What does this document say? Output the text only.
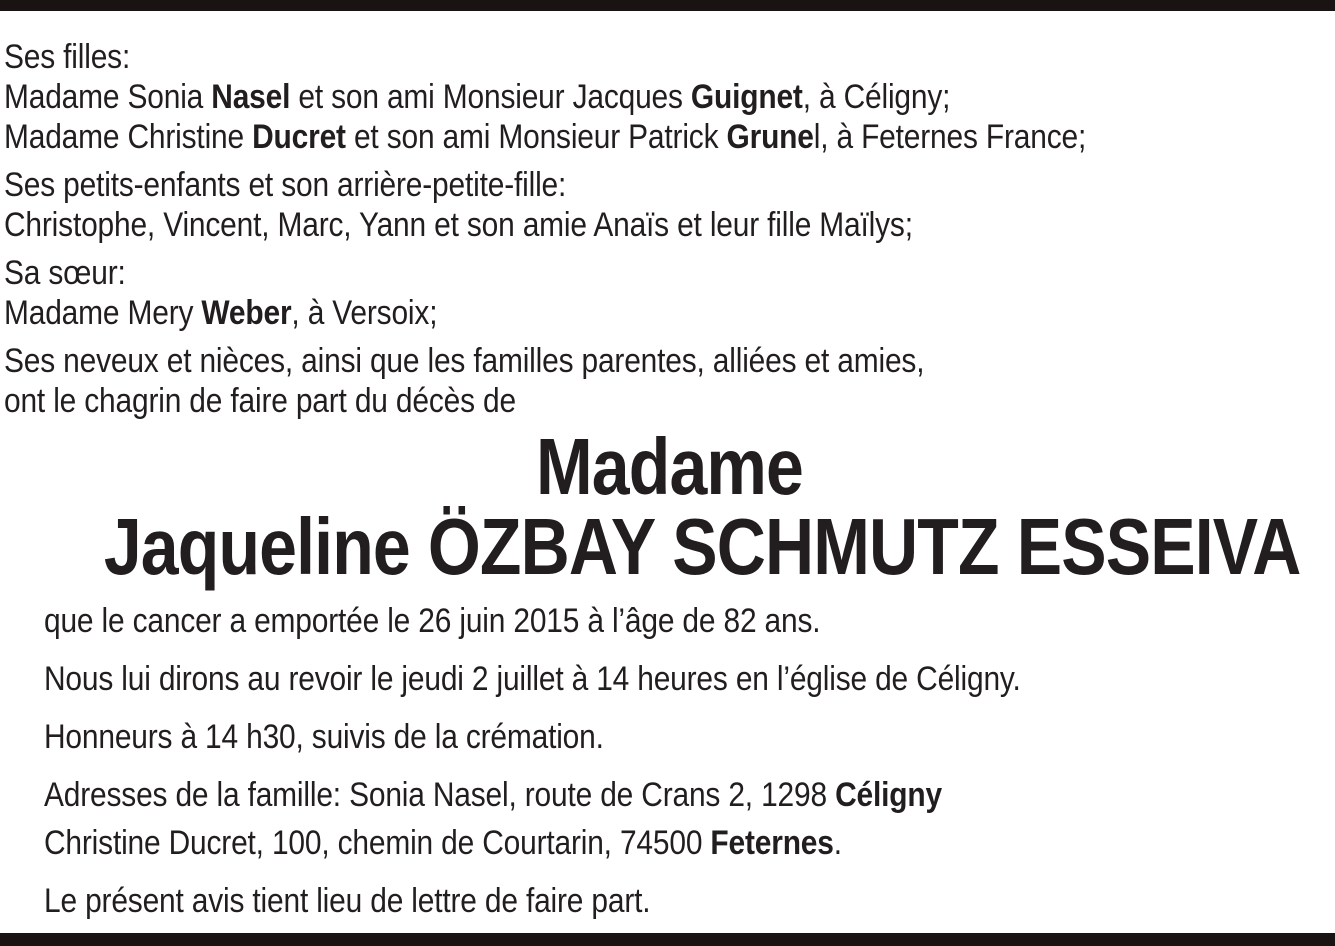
Ses filles:
Madame Sonia Nasel et son ami Monsieur Jacques Guignet, à Céligny;
Madame Christine Ducret et son ami Monsieur Patrick Grunel, à Feternes France;
Ses petits-enfants et son arrière-petite-fille:
Christophe, Vincent, Marc, Yann et son amie Anaïs et leur fille Maïlys;
Sa sœur:
Madame Mery Weber, à Versoix;
Ses neveux et nièces, ainsi que les familles parentes, alliées et amies,
ont le chagrin de faire part du décès de
Madame
Jaqueline ÖZBAY SCHMUTZ ESSEIVA
que le cancer a emportée le 26 juin 2015 à l’âge de 82 ans.
Nous lui dirons au revoir le jeudi 2 juillet à 14 heures en l’église de Céligny.
Honneurs à 14 h30, suivis de la crémation.
Adresses de la famille: Sonia Nasel, route de Crans 2, 1298 Céligny
Christine Ducret, 100, chemin de Courtarin, 74500 Feternes.
Le présent avis tient lieu de lettre de faire part.
